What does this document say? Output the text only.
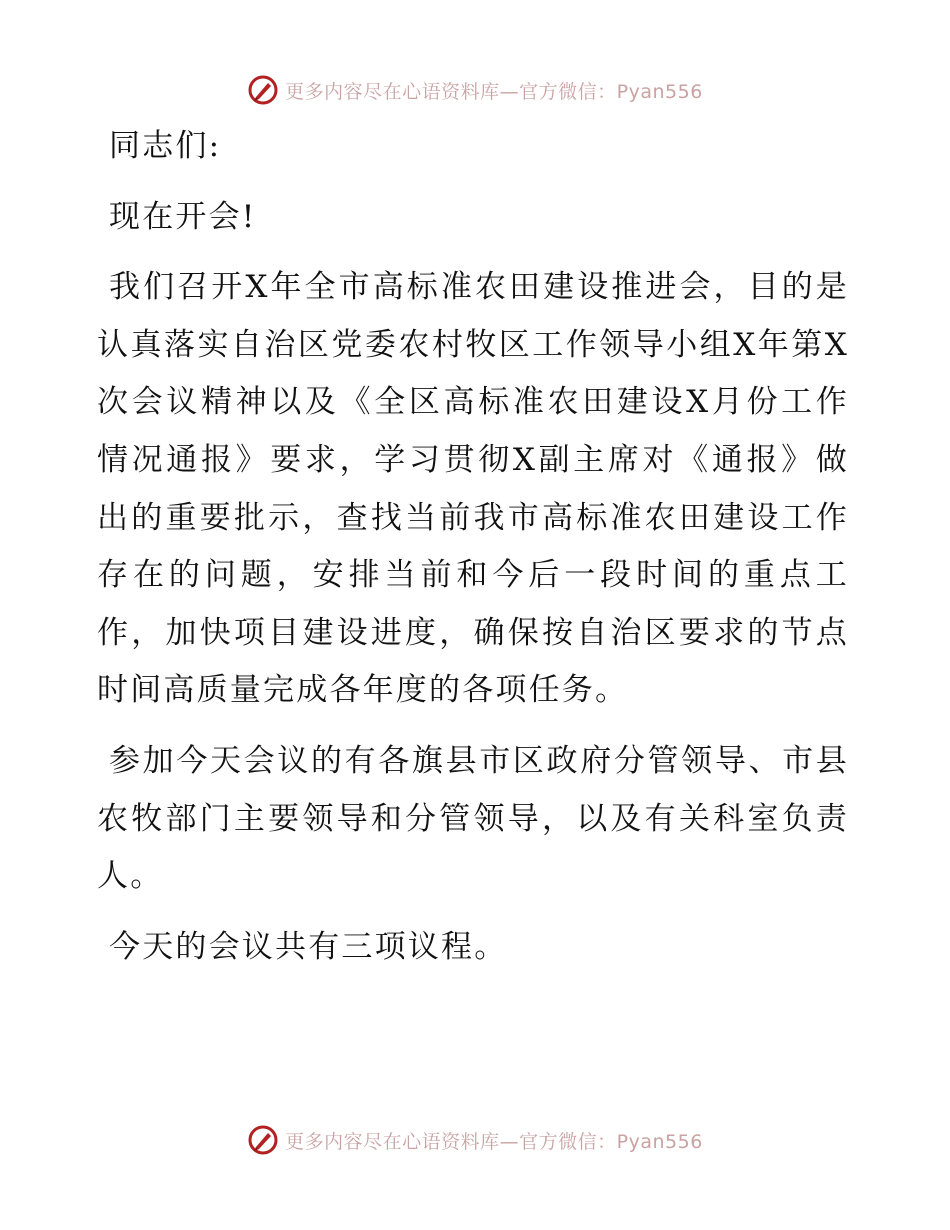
更多内容尽在心语资料库—官方微信：Pyan556

同志们:

现在开会!

我们召开X年全市高标准农田建设推进会，目的是认真落实自治区党委农村牧区工作领导小组X年第X次会议精神以及《全区高标准农田建设X月份工作情况通报》要求，学习贯彻X副主席对《通报》做出的重要批示，查找当前我市高标准农田建设工作存在的问题，安排当前和今后一段时间的重点工作，加快项目建设进度，确保按自治区要求的节点时间高质量完成各年度的各项任务。

参加今天会议的有各旗县市区政府分管领导、市县农牧部门主要领导和分管领导，以及有关科室负责人。

今天的会议共有三项议程。

更多内容尽在心语资料库—官方微信：Pyan556
